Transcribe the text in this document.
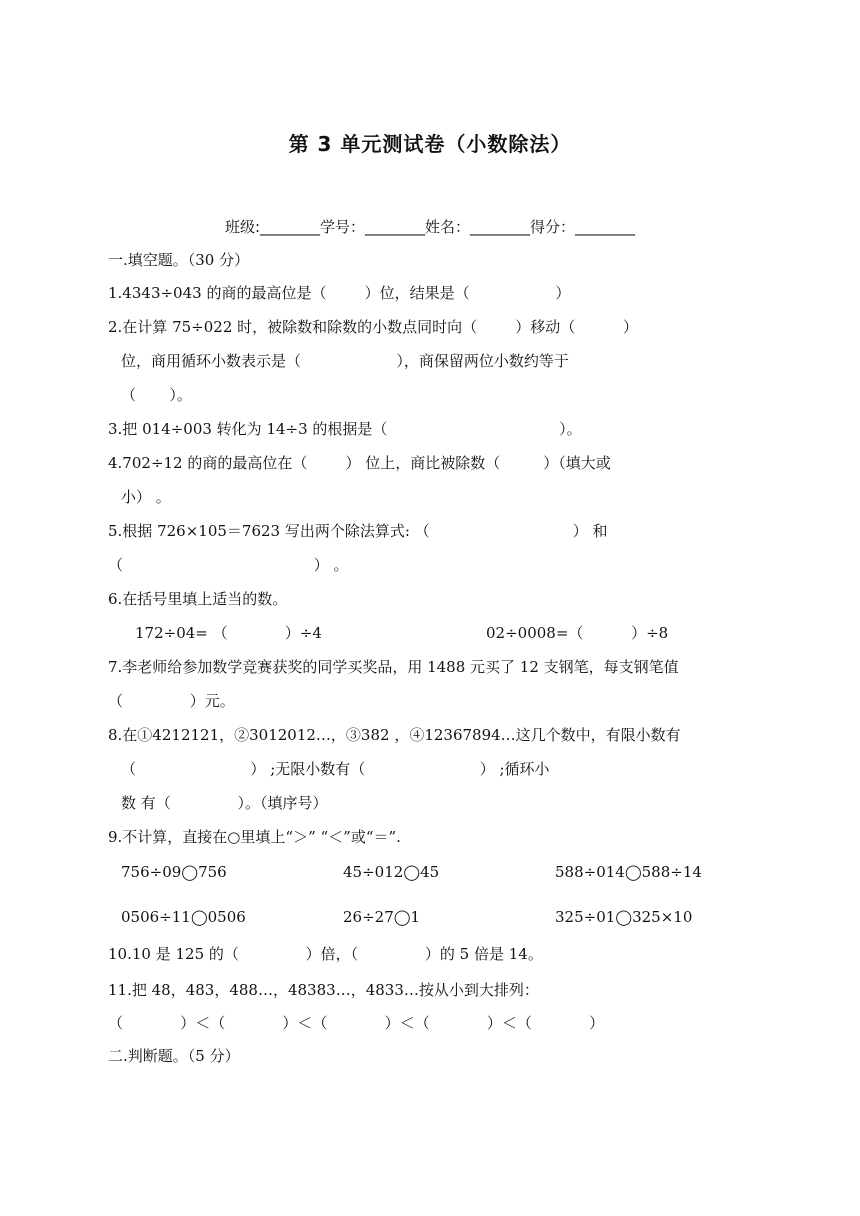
第 3 单元测试卷（小数除法）
班级:________学号：________姓名：________得分：________
一.填空题。（30 分）
1.4343÷043 的商的最高位是（        ）位，结果是（                  ）
2.在计算 75÷022 时，被除数和除数的小数点同时向（        ）移动（          ）
位，商用循环小数表示是（                    ），商保留两位小数约等于
（       ）。
3.把 014÷003 转化为 14÷3 的根据是（                                    ）。
4.702÷12 的商的最高位在（        ） 位上，商比被除数（         ）（填大或
小） 。
5.根据 726×105＝7623 写出两个除法算式: （                              ） 和
（                                        ） 。
6.在括号里填上适当的数。
172÷04= （            ）÷4	02÷0008=（          ）÷8
7.李老师给参加数学竞赛获奖的同学买奖品，用 1488 元买了 12 支钢笔，每支钢笔值
（              ）元。
8.在①4212121，②3012012…，③382 ，④12367894…这几个数中，有限小数有
（                        ） ;无限小数有（                        ） ;循环小
数 有（              ）。（填序号）
9.不计算，直接在○里填上“＞” “＜”或“＝”.
756÷09◯756	45÷012◯45	588÷014◯588÷14
0506÷11◯0506	26÷27◯1	325÷01◯325×10
10.10 是 125 的（              ）倍，（              ）的 5 倍是 14。
11.把 48，483，488…，48383…，4833…按从小到大排列：
（            ）＜（            ）＜（            ）＜（            ）＜（            ）
二.判断题。（5 分）
